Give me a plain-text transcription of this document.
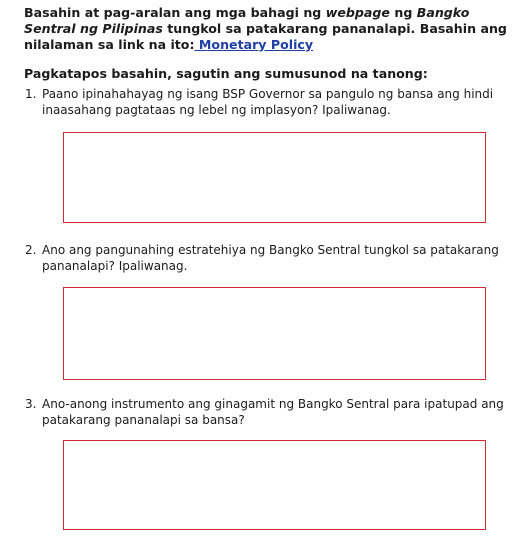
Basahin at pag-aralan ang mga bahagi ng webpage ng Bangko Sentral ng Pilipinas tungkol sa patakarang pananalapi. Basahin ang nilalaman sa link na ito: Monetary Policy
Pagkatapos basahin, sagutin ang sumusunod na tanong:
1. Paano ipinahahayag ng isang BSP Governor sa pangulo ng bansa ang hindi inaasahang pagtataas ng lebel ng implasyon? Ipaliwanag.
2. Ano ang pangunahing estratehiya ng Bangko Sentral tungkol sa patakarang pananalapi? Ipaliwanag.
3. Ano-anong instrumento ang ginagamit ng Bangko Sentral para ipatupad ang patakarang pananalapi sa bansa?
